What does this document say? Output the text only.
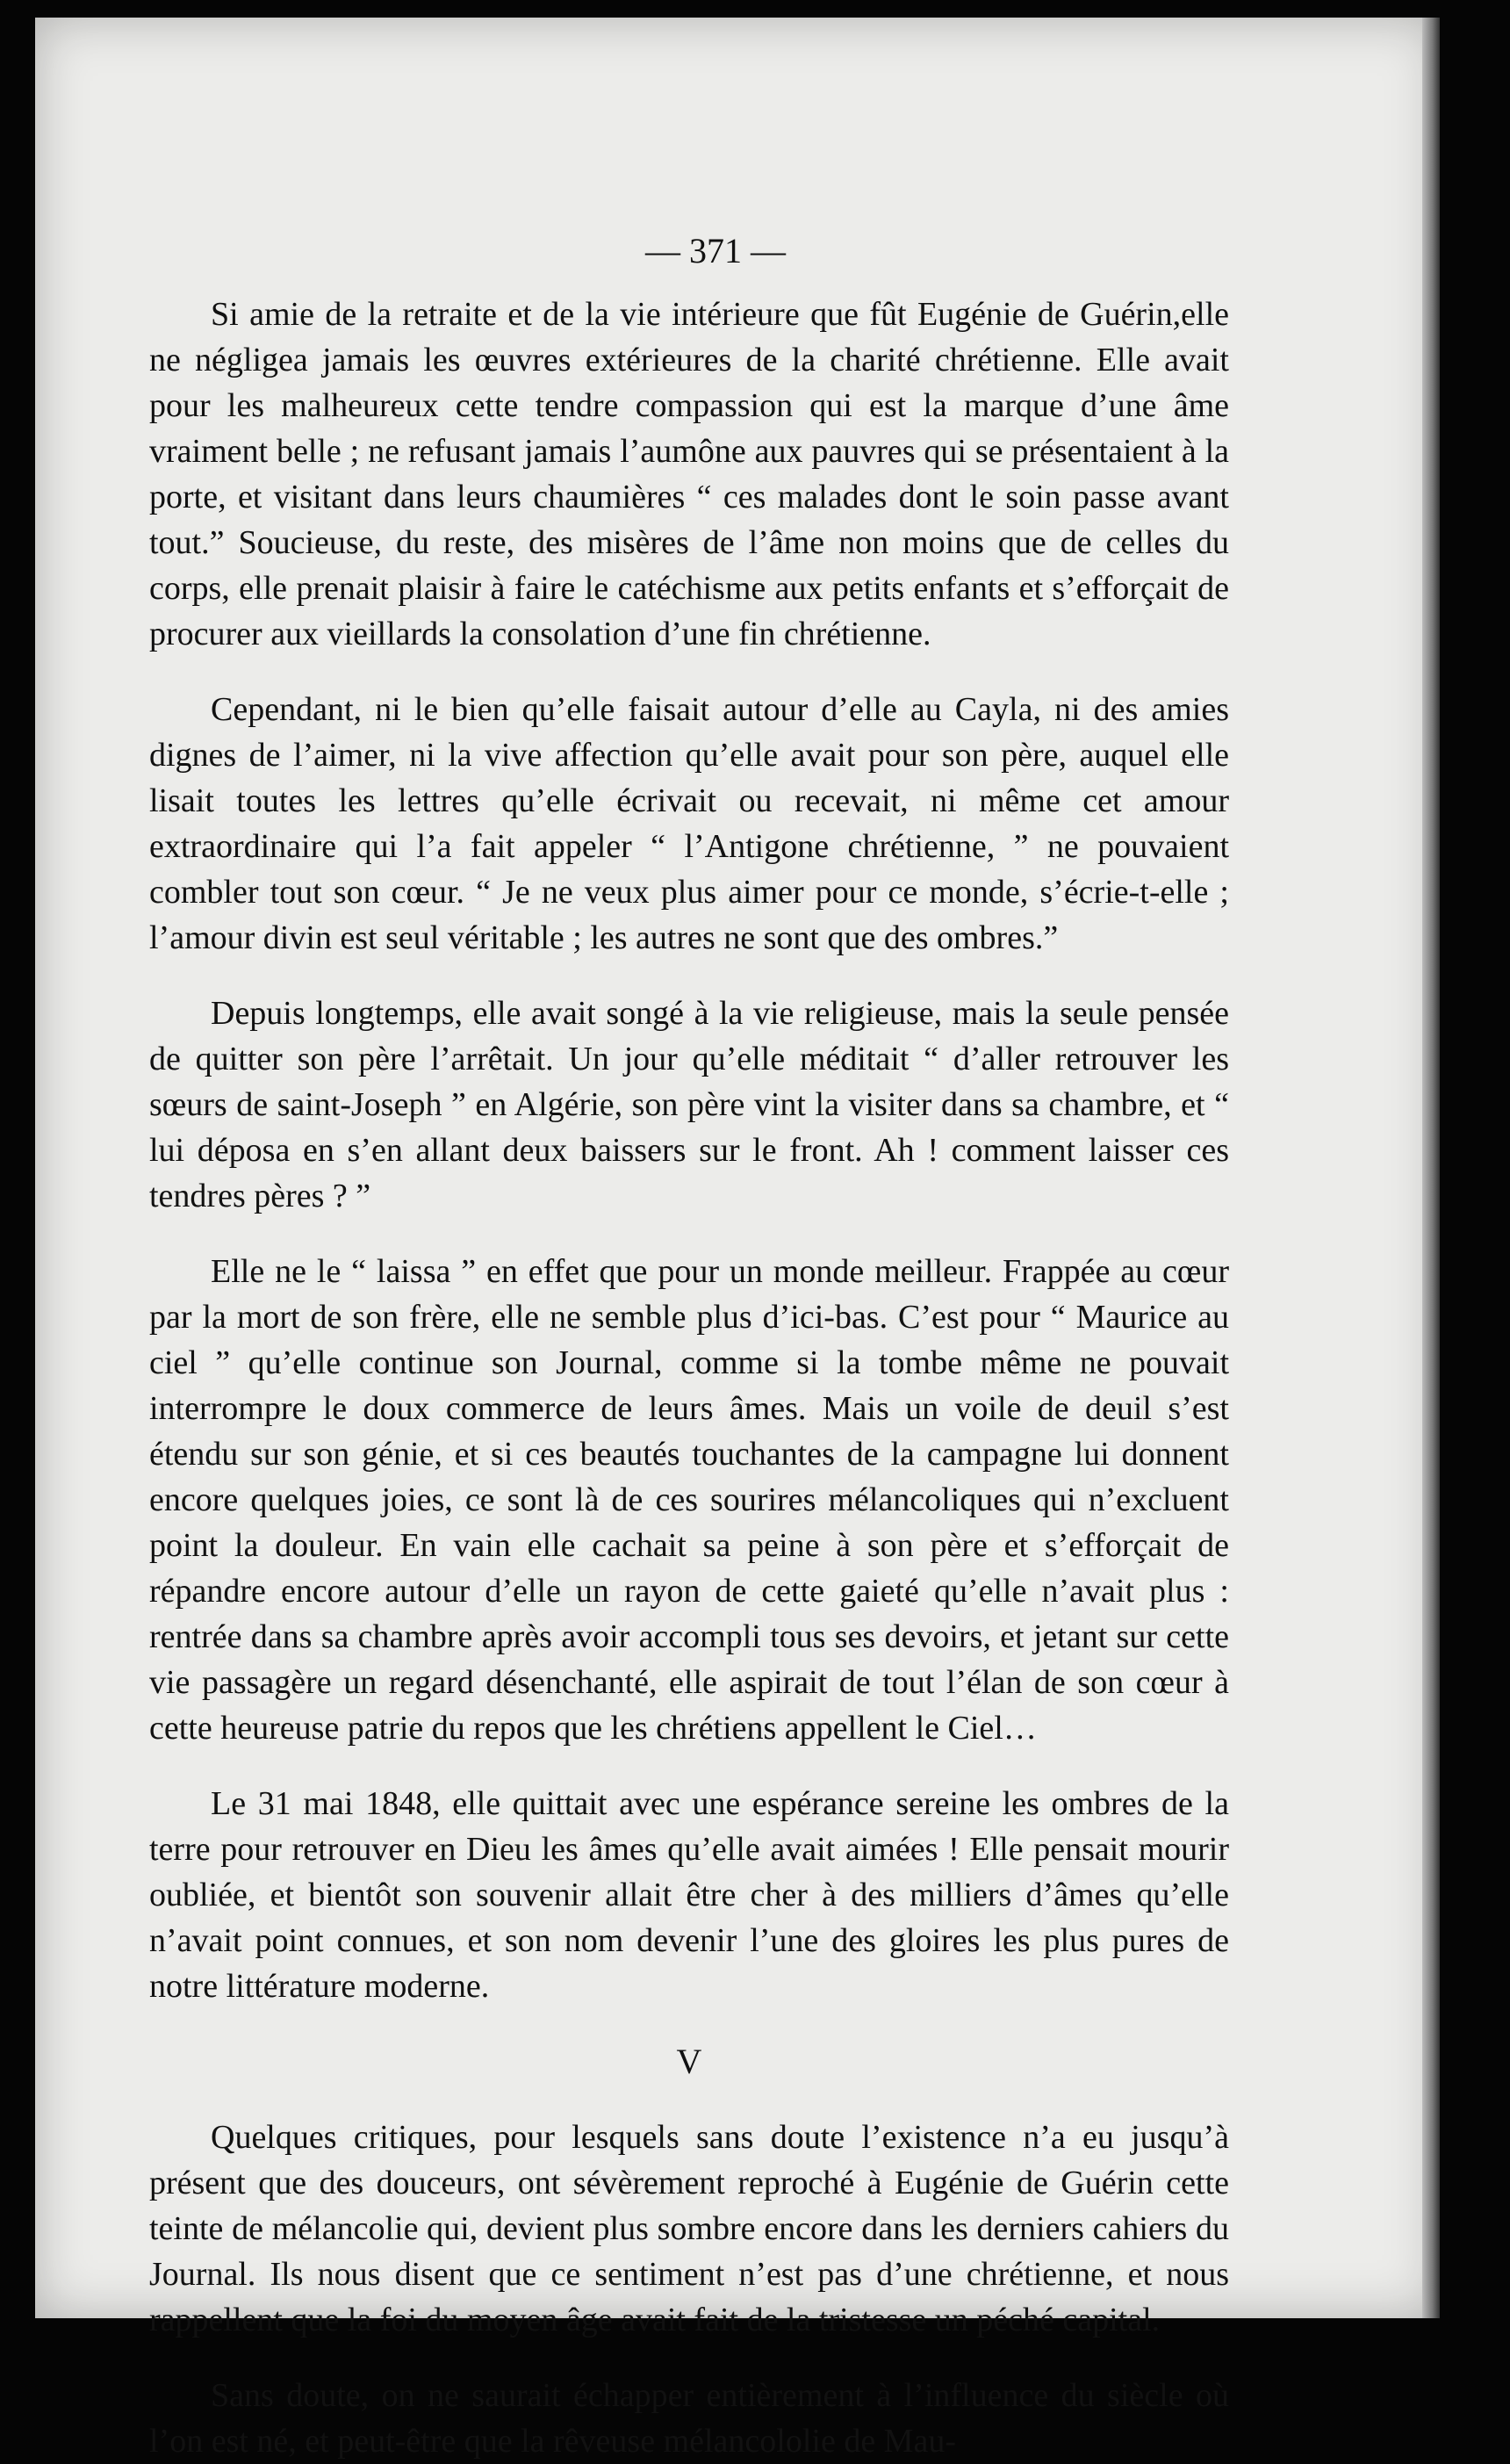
— 371 —

Si amie de la retraite et de la vie intérieure que fût Eugénie de Guérin,elle ne négligea jamais les œuvres extérieures de la charité chrétienne. Elle avait pour les malheureux cette tendre compassion qui est la marque d’une âme vraiment belle ; ne refusant jamais l’aumône aux pauvres qui se présentaient à la porte, et visitant dans leurs chaumières “ ces malades dont le soin passe avant tout.” Soucieuse, du reste, des misères de l’âme non moins que de celles du corps, elle prenait plaisir à faire le catéchisme aux petits enfants et s’efforçait de procurer aux vieillards la consolation d’une fin chrétienne.

Cependant, ni le bien qu’elle faisait autour d’elle au Cayla, ni des amies dignes de l’aimer, ni la vive affection qu’elle avait pour son père, auquel elle lisait toutes les lettres qu’elle écrivait ou recevait, ni même cet amour extraordinaire qui l’a fait appeler “ l’Antigone chrétienne, ” ne pouvaient combler tout son cœur. “ Je ne veux plus aimer pour ce monde, s’écrie-t-elle ; l’amour divin est seul véritable ; les autres ne sont que des ombres.”

Depuis longtemps, elle avait songé à la vie religieuse, mais la seule pensée de quitter son père l’arrêtait. Un jour qu’elle méditait “ d’aller retrouver les sœurs de saint-Joseph ” en Algérie, son père vint la visiter dans sa chambre, et “ lui déposa en s’en allant deux baissers sur le front. Ah ! comment laisser ces tendres pères ? ”

Elle ne le “ laissa ” en effet que pour un monde meilleur. Frappée au cœur par la mort de son frère, elle ne semble plus d’ici-bas. C’est pour “ Maurice au ciel ” qu’elle continue son Journal, comme si la tombe même ne pouvait interrompre le doux commerce de leurs âmes. Mais un voile de deuil s’est étendu sur son génie, et si ces beautés touchantes de la campagne lui donnent encore quelques joies, ce sont là de ces sourires mélancoliques qui n’excluent point la douleur. En vain elle cachait sa peine à son père et s’efforçait de répandre encore autour d’elle un rayon de cette gaieté qu’elle n’avait plus : rentrée dans sa chambre après avoir accompli tous ses devoirs, et jetant sur cette vie passagère un regard désenchanté, elle aspirait de tout l’élan de son cœur à cette heureuse patrie du repos que les chrétiens appellent le Ciel…

Le 31 mai 1848, elle quittait avec une espérance sereine les ombres de la terre pour retrouver en Dieu les âmes qu’elle avait aimées ! Elle pensait mourir oubliée, et bientôt son souvenir allait être cher à des milliers d’âmes qu’elle n’avait point connues, et son nom devenir l’une des gloires les plus pures de notre littérature moderne.

V

Quelques critiques, pour lesquels sans doute l’existence n’a eu jusqu’à présent que des douceurs, ont sévèrement reproché à Eugénie de Guérin cette teinte de mélancolie qui, devient plus sombre encore dans les derniers cahiers du Journal. Ils nous disent que ce sentiment n’est pas d’une chrétienne, et nous rappellent que la foi du moyen âge avait fait de la tristesse un péché capital.

Sans doute, on ne saurait échapper entièrement à l’influence du siècle où l’on est né, et peut-être que la rêveuse mélancololie de Mau-
